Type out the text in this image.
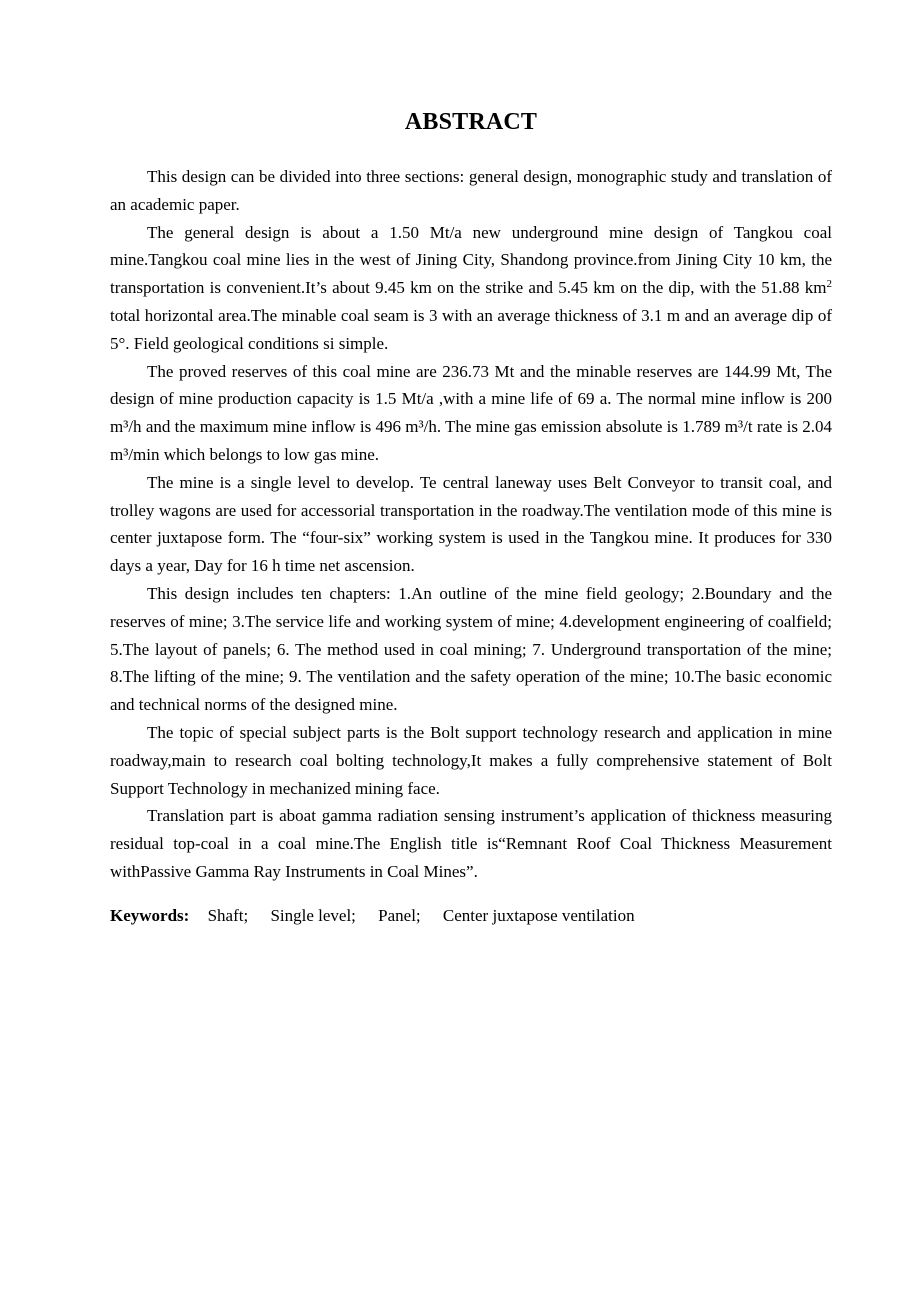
ABSTRACT

This design can be divided into three sections: general design, monographic study and translation of an academic paper.

The general design is about a 1.50 Mt/a new underground mine design of Tangkou coal mine.Tangkou coal mine lies in the west of Jining City, Shandong province.from Jining City 10 km, the transportation is convenient.It’s about 9.45 km on the strike and 5.45 km on the dip, with the 51.88 $km^2$ total horizontal area.The minable coal seam is 3 with an average thickness of 3.1 m and an average dip of 5°. Field geological conditions si simple.

The proved reserves of this coal mine are 236.73 Mt and the minable reserves are 144.99 Mt, The design of mine production capacity is 1.5 Mt/a ,with a mine life of 69 a. The normal mine inflow is 200 m³/h and the maximum mine inflow is 496 m³/h. The mine gas emission absolute is 1.789 m³/t rate is 2.04 m³/min which belongs to low gas mine.

The mine is a single level to develop. Te central laneway uses Belt Conveyor to transit coal, and trolley wagons are used for accessorial transportation in the roadway.The ventilation mode of this mine is center juxtapose form. The “four-six” working system is used in the Tangkou mine. It produces for 330 days a year, Day for 16 h time net ascension.

This design includes ten chapters: 1.An outline of the mine field geology; 2.Boundary and the reserves of mine; 3.The service life and working system of mine; 4.development engineering of coalfield; 5.The layout of panels; 6. The method used in coal mining; 7. Underground transportation of the mine; 8.The lifting of the mine; 9. The ventilation and the safety operation of the mine; 10.The basic economic and technical norms of the designed mine.

The topic of special subject parts is the Bolt support technology research and application in mine roadway,main to research coal bolting technology,It makes a fully comprehensive statement of Bolt Support Technology in mechanized mining face.

Translation part is aboat gamma radiation sensing instrument’s application of thickness measuring residual top-coal in a coal mine.The English title is“Remnant Roof Coal Thickness Measurement withPassive Gamma Ray Instruments in Coal Mines”.

Keywords: Shaft; Single level; Panel; Center juxtapose ventilation
